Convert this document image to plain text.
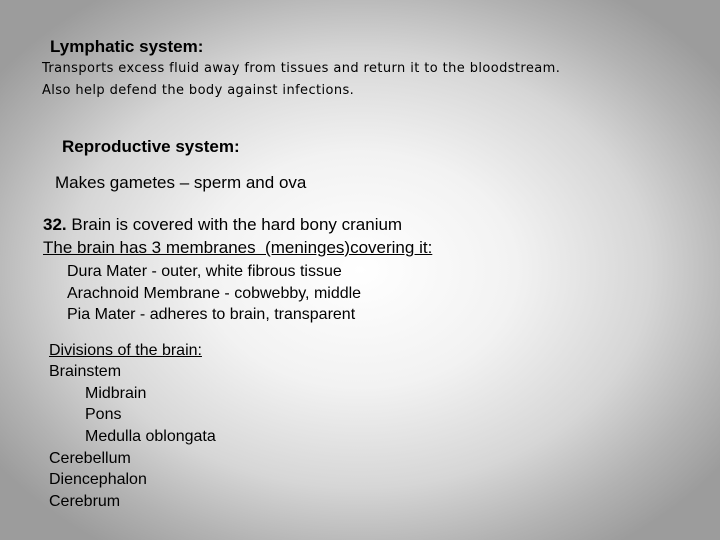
Lymphatic system:

Transports excess fluid away from tissues and return it to the bloodstream.

Also help defend the body against infections.

Reproductive system:

Makes gametes – sperm and ova

32. Brain is covered with the hard bony cranium

The brain has 3 membranes  (meninges)covering it:

Dura Mater - outer, white fibrous tissue

Arachnoid Membrane - cobwebby, middle

Pia Mater - adheres to brain, transparent

Divisions of the brain:

Brainstem

Midbrain

Pons

Medulla oblongata

Cerebellum

Diencephalon

Cerebrum
